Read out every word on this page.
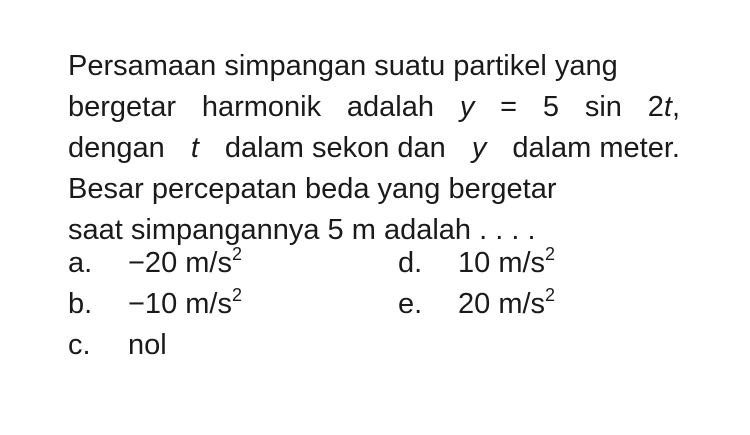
Persamaan simpangan suatu partikel yang
bergetar harmonik adalah y = 5 sin 2t,
dengan t dalam sekon dan y dalam meter.
Besar percepatan beda yang bergetar
saat simpangannya 5 m adalah . . . .
a. −20 $m/s^2$	d. 10 $m/s^2$
b. −10 $m/s^2$	e. 20 $m/s^2$
c. nol
